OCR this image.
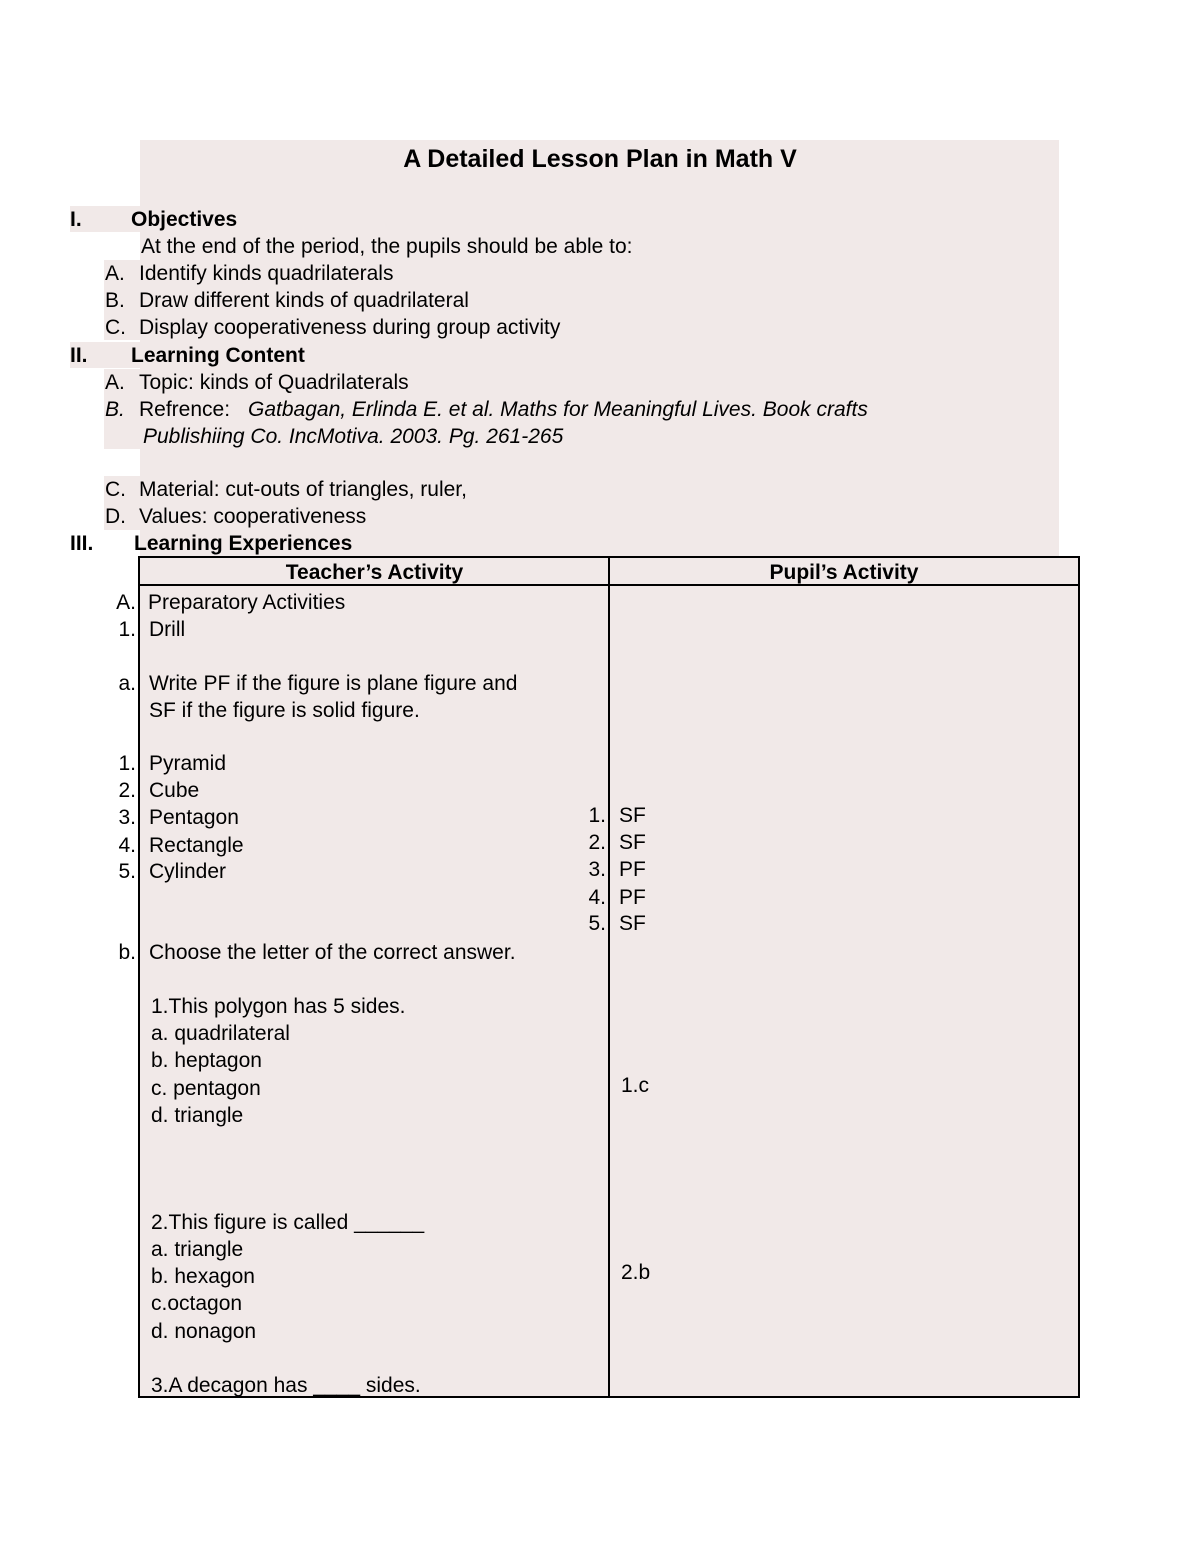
A Detailed Lesson Plan in Math V
I. Objectives
At the end of the period, the pupils should be able to:
A. Identify kinds quadrilaterals
B. Draw different kinds of quadrilateral
C. Display cooperativeness during group activity
II. Learning Content
A. Topic: kinds of Quadrilaterals
B. Refrence: Gatbagan, Erlinda E. et al. Maths for Meaningful Lives. Book crafts
Publishiing Co. IncMotiva. 2003. Pg. 261-265
C. Material: cut-outs of triangles, ruler,
D. Values: cooperativeness
III. Learning Experiences
Teacher’s Activity	Pupil’s Activity
A. Preparatory Activities
1. Drill
a. Write PF if the figure is plane figure and
SF if the figure is solid figure.
1. Pyramid
2. Cube
3. Pentagon
4. Rectangle
5. Cylinder
b. Choose the letter of the correct answer.
1.This polygon has 5 sides.
a. quadrilateral
b. heptagon
c. pentagon
d. triangle
2.This figure is called ______
a. triangle
b. hexagon
c.octagon
d. nonagon
3.A decagon has ____ sides.
1. SF
2. SF
3. PF
4. PF
5. SF
1.c
2.b
